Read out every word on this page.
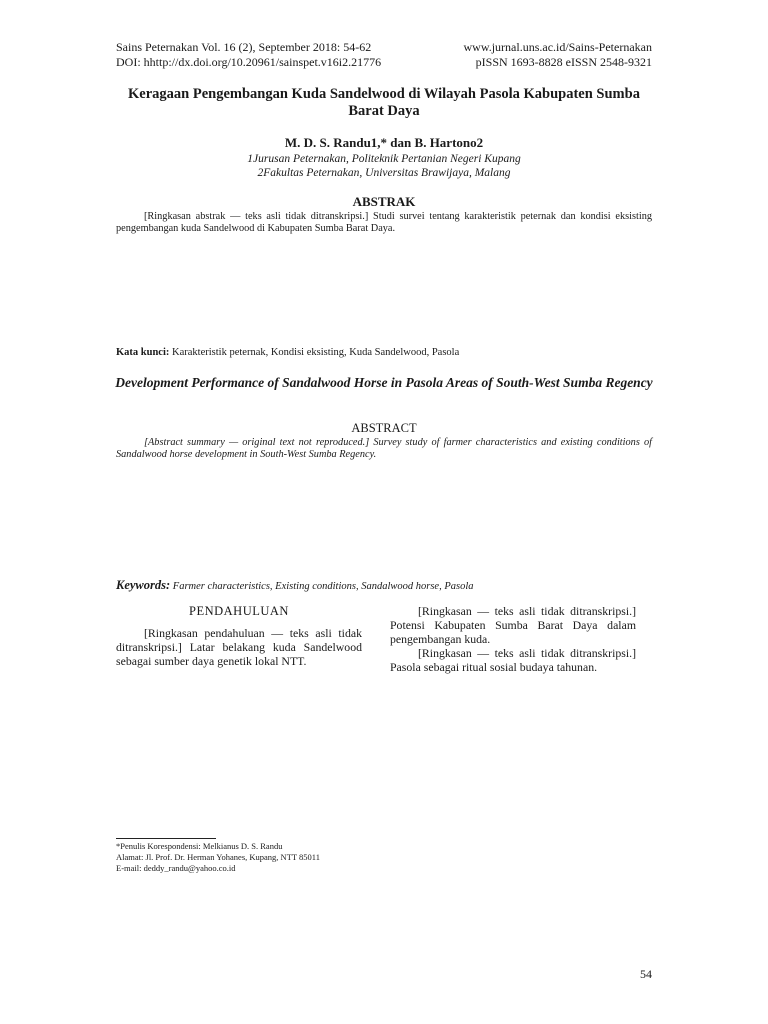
Sains Peternakan Vol. 16 (2), September 2018: 54-62	www.jurnal.uns.ac.id/Sains-Peternakan
DOI: hhttp://dx.doi.org/10.20961/sainspet.v16i2.21776	pISSN 1693-8828 eISSN 2548-9321
Keragaan Pengembangan Kuda Sandelwood di Wilayah Pasola Kabupaten Sumba Barat Daya
M. D. S. Randu1,* dan B. Hartono2
1Jurusan Peternakan, Politeknik Pertanian Negeri Kupang
2Fakultas Peternakan, Universitas Brawijaya, Malang
ABSTRAK
[Ringkasan abstrak — teks asli tidak ditranskripsi.] Studi survei tentang karakteristik peternak dan kondisi eksisting pengembangan kuda Sandelwood di Kabupaten Sumba Barat Daya.
Kata kunci: Karakteristik peternak, Kondisi eksisting, Kuda Sandelwood, Pasola
Development Performance of Sandalwood Horse in Pasola Areas of South-West Sumba Regency
ABSTRACT
[Abstract summary — original text not reproduced.] Survey study of farmer characteristics and existing conditions of Sandalwood horse development in South-West Sumba Regency.
Keywords: Farmer characteristics, Existing conditions, Sandalwood horse, Pasola
PENDAHULUAN

[Ringkasan pendahuluan — teks asli tidak ditranskripsi.] Latar belakang kuda Sandelwood sebagai sumber daya genetik lokal NTT.

[Ringkasan — teks asli tidak ditranskripsi.] Potensi Kabupaten Sumba Barat Daya dalam pengembangan kuda.

[Ringkasan — teks asli tidak ditranskripsi.] Pasola sebagai ritual sosial budaya tahunan.

*Penulis Korespondensi: Melkianus D. S. Randu
Alamat: Jl. Prof. Dr. Herman Yohanes, Kupang, NTT 85011
E-mail: deddy_randu@yahoo.co.id
54
